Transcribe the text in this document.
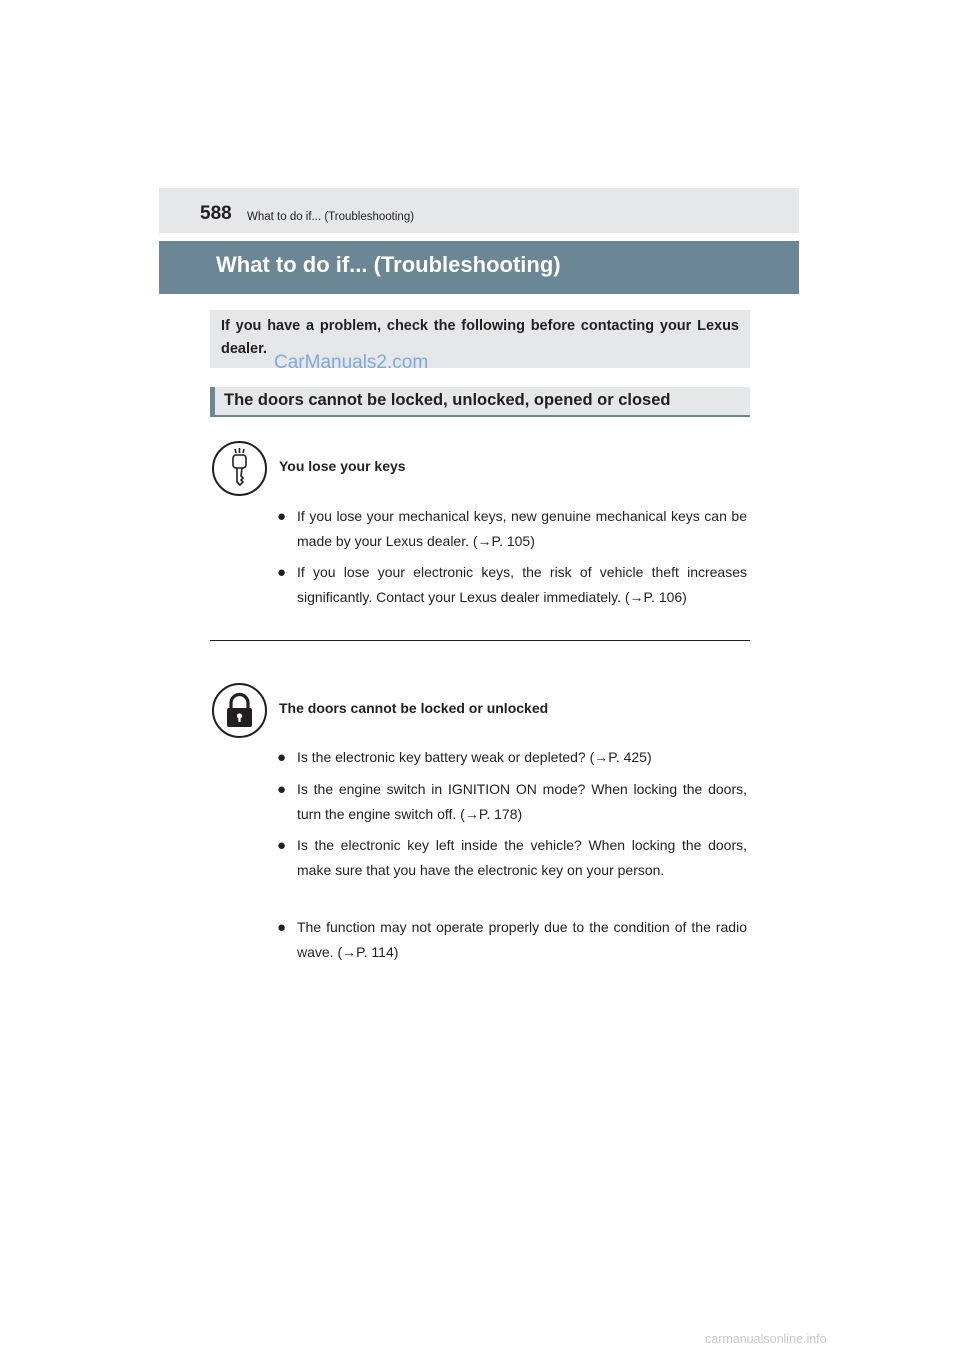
588 What to do if... (Troubleshooting)
What to do if... (Troubleshooting)
If you have a problem, check the following before contacting your Lexus dealer.
CarManuals2.com
The doors cannot be locked, unlocked, opened or closed
You lose your keys
● If you lose your mechanical keys, new genuine mechanical keys can be made by your Lexus dealer. (→P. 105)
● If you lose your electronic keys, the risk of vehicle theft increases significantly. Contact your Lexus dealer immediately. (→P. 106)
The doors cannot be locked or unlocked
● Is the electronic key battery weak or depleted? (→P. 425)
● Is the engine switch in IGNITION ON mode? When locking the doors, turn the engine switch off. (→P. 178)
● Is the electronic key left inside the vehicle? When locking the doors, make sure that you have the electronic key on your person.
● The function may not operate properly due to the condition of the radio wave. (→P. 114)
carmanualsonline.info
